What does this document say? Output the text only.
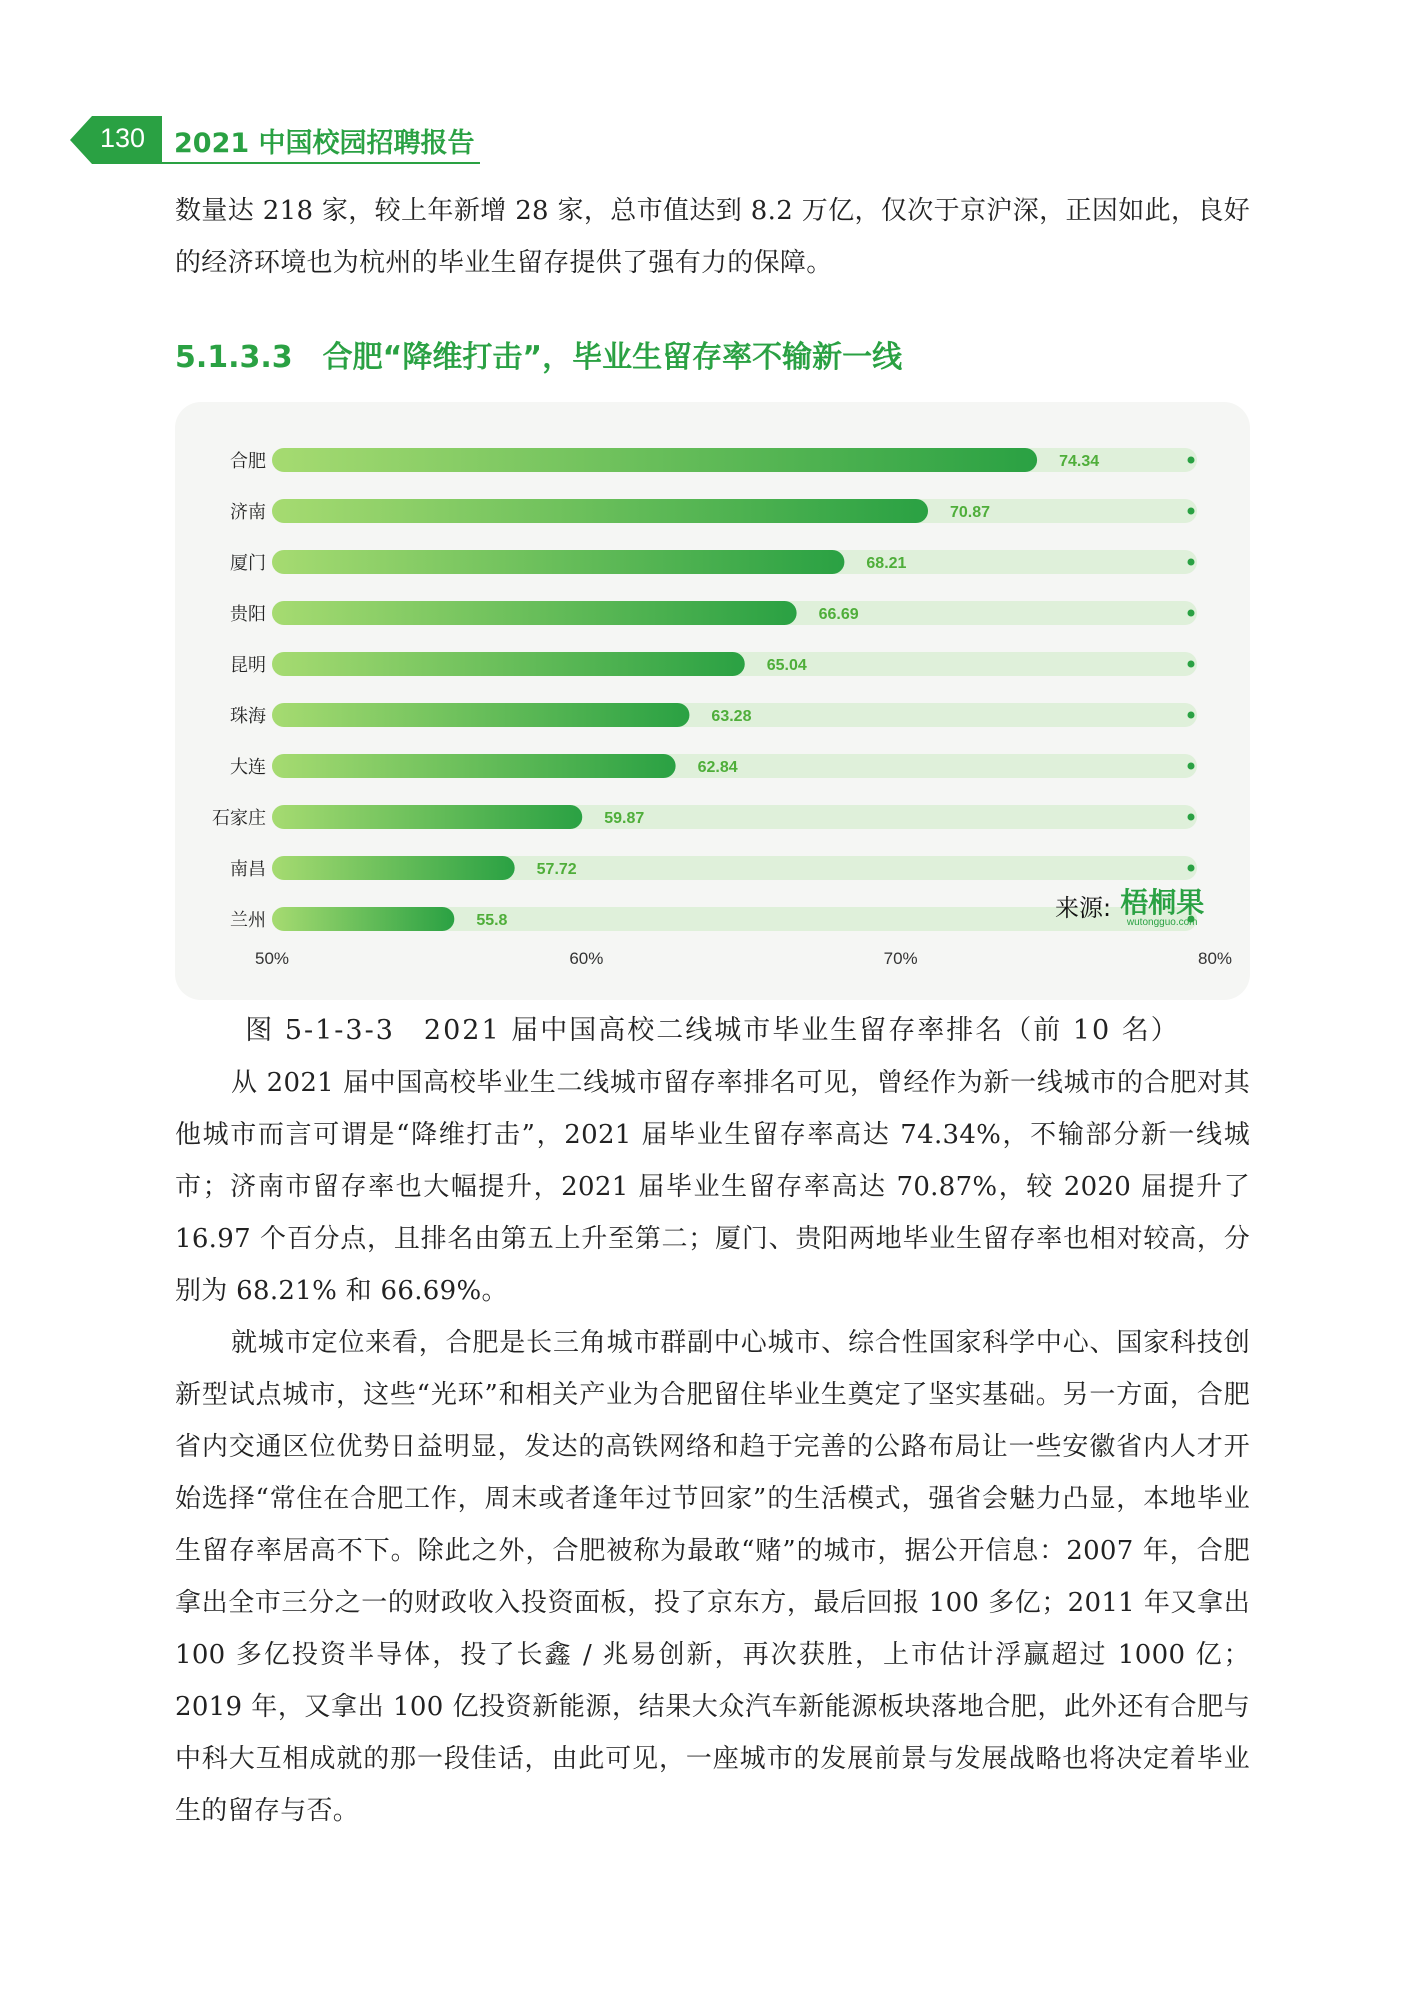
130 2021 中国校园招聘报告

数量达 218 家，较上年新增 28 家，总市值达到 8.2 万亿，仅次于京沪深，正因如此，良好的经济环境也为杭州的毕业生留存提供了强有力的保障。

5.1.3.3　合肥“降维打击”，毕业生留存率不输新一线
74.34
合肥
70.87
济南
68.21
厦门
66.69
贵阳
65.04
昆明
63.28
珠海
62.84
大连
59.87
石家庄
57.72
南昌
55.8
兰州
50%	60%	70%	80%
来源: 梧桐果
wutongguo.com
图 5-1-3-3　2021 届中国高校二线城市毕业生留存率排名（前 10 名）

从 2021 届中国高校毕业生二线城市留存率排名可见，曾经作为新一线城市的合肥对其他城市而言可谓是“降维打击”，2021 届毕业生留存率高达 74.34%，不输部分新一线城市；济南市留存率也大幅提升，2021 届毕业生留存率高达 70.87%，较 2020 届提升了 16.97 个百分点，且排名由第五上升至第二；厦门、贵阳两地毕业生留存率也相对较高，分别为 68.21% 和 66.69%。

就城市定位来看，合肥是长三角城市群副中心城市、综合性国家科学中心、国家科技创新型试点城市，这些“光环”和相关产业为合肥留住毕业生奠定了坚实基础。另一方面，合肥省内交通区位优势日益明显，发达的高铁网络和趋于完善的公路布局让一些安徽省内人才开始选择“常住在合肥工作，周末或者逢年过节回家”的生活模式，强省会魅力凸显，本地毕业生留存率居高不下。除此之外，合肥被称为最敢“赌”的城市，据公开信息：2007 年，合肥拿出全市三分之一的财政收入投资面板，投了京东方，最后回报 100 多亿；2011 年又拿出 100 多亿投资半导体，投了长鑫 / 兆易创新，再次获胜，上市估计浮赢超过 1000 亿；2019 年，又拿出 100 亿投资新能源，结果大众汽车新能源板块落地合肥，此外还有合肥与中科大互相成就的那一段佳话，由此可见，一座城市的发展前景与发展战略也将决定着毕业生的留存与否。
